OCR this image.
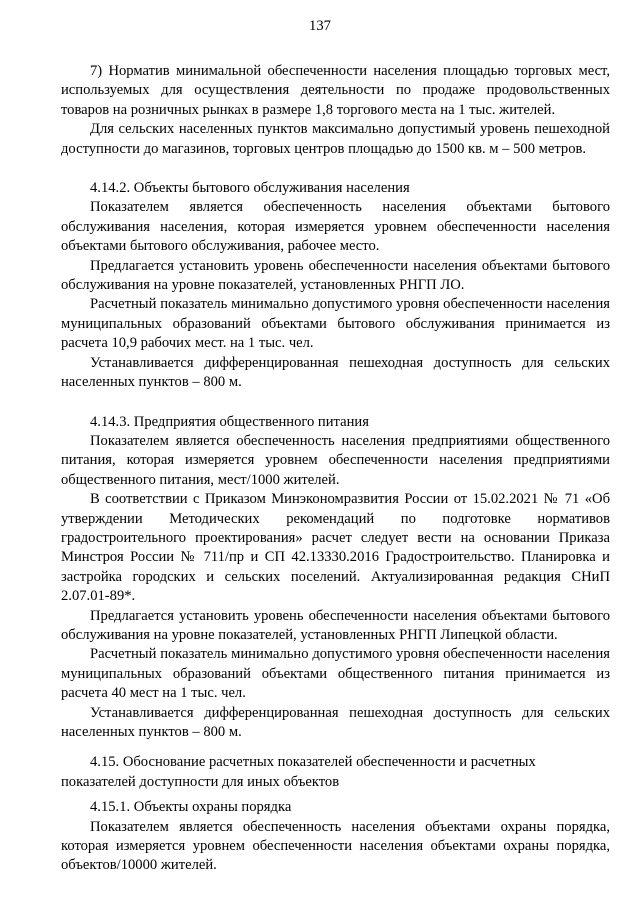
137

7) Норматив минимальной обеспеченности населения площадью торговых мест, используемых для осуществления деятельности по продаже продовольственных товаров на розничных рынках в размере 1,8 торгового места на 1 тыс. жителей.

Для сельских населенных пунктов максимально допустимый уровень пешеходной доступности до магазинов, торговых центров площадью до 1500 кв. м – 500 метров.

4.14.2. Объекты бытового обслуживания населения

Показателем является обеспеченность населения объектами бытового обслуживания населения, которая измеряется уровнем обеспеченности населения объектами бытового обслуживания, рабочее место.

Предлагается установить уровень обеспеченности населения объектами бытового обслуживания на уровне показателей, установленных РНГП ЛО.

Расчетный показатель минимально допустимого уровня обеспеченности населения муниципальных образований объектами бытового обслуживания принимается из расчета 10,9 рабочих мест. на 1 тыс. чел.

Устанавливается дифференцированная пешеходная доступность для сельских населенных пунктов – 800 м.

4.14.3. Предприятия общественного питания

Показателем является обеспеченность населения предприятиями общественного питания, которая измеряется уровнем обеспеченности населения предприятиями общественного питания, мест/1000 жителей.

В соответствии с Приказом Минэкономразвития России от 15.02.2021 № 71 «Об утверждении Методических рекомендаций по подготовке нормативов градостроительного проектирования» расчет следует вести на основании Приказа Минстроя России № 711/пр и СП 42.13330.2016 Градостроительство. Планировка и застройка городских и сельских поселений. Актуализированная редакция СНиП 2.07.01-89*.

Предлагается установить уровень обеспеченности населения объектами бытового обслуживания на уровне показателей, установленных РНГП Липецкой области.

Расчетный показатель минимально допустимого уровня обеспеченности населения муниципальных образований объектами общественного питания принимается из расчета 40 мест на 1 тыс. чел.

Устанавливается дифференцированная пешеходная доступность для сельских населенных пунктов – 800 м.

4.15. Обоснование расчетных показателей обеспеченности и расчетных показателей доступности для иных объектов

4.15.1. Объекты охраны порядка

Показателем является обеспеченность населения объектами охраны порядка, которая измеряется уровнем обеспеченности населения объектами охраны порядка, объектов/10000 жителей.
